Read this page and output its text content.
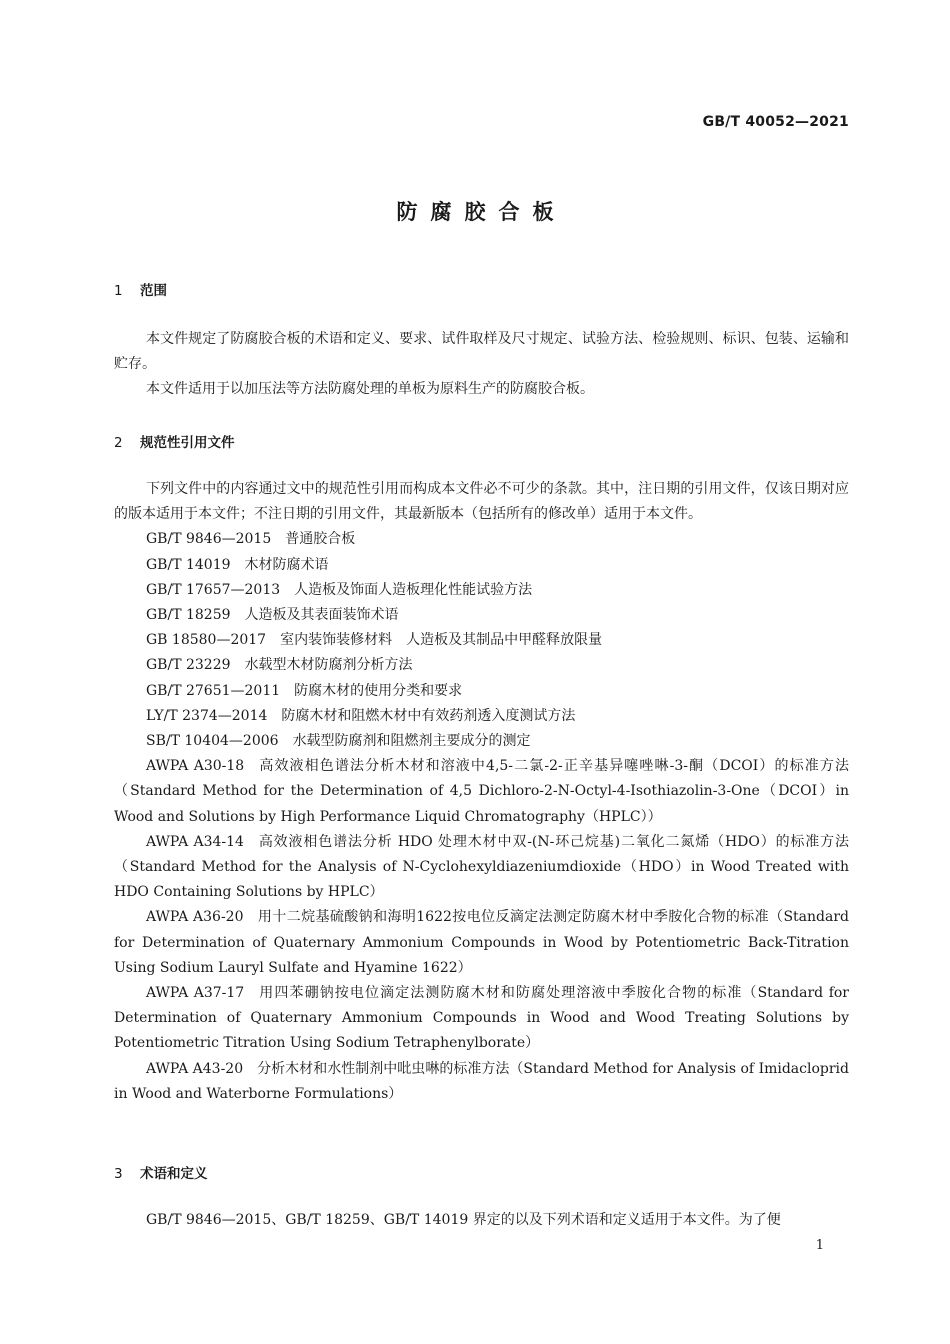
GB/T 40052—2021
防腐胶合板
1 范围

本文件规定了防腐胶合板的术语和定义、要求、试件取样及尺寸规定、试验方法、检验规则、标识、包装、运输和贮存。

本文件适用于以加压法等方法防腐处理的单板为原料生产的防腐胶合板。

2 规范性引用文件

下列文件中的内容通过文中的规范性引用而构成本文件必不可少的条款。其中，注日期的引用文件，仅该日期对应的版本适用于本文件；不注日期的引用文件，其最新版本（包括所有的修改单）适用于本文件。

GB/T 9846—2015 普通胶合板

GB/T 14019 木材防腐术语

GB/T 17657—2013 人造板及饰面人造板理化性能试验方法

GB/T 18259 人造板及其表面装饰术语

GB 18580—2017 室内装饰装修材料　人造板及其制品中甲醛释放限量

GB/T 23229 水载型木材防腐剂分析方法

GB/T 27651—2011 防腐木材的使用分类和要求

LY/T 2374—2014 防腐木材和阻燃木材中有效药剂透入度测试方法

SB/T 10404—2006 水载型防腐剂和阻燃剂主要成分的测定

AWPA A30-18 高效液相色谱法分析木材和溶液中4,5-二氯-2-正辛基异噻唑啉-3-酮（DCOI）的标准方法（Standard Method for the Determination of 4,5 Dichloro-2-N-Octyl-4-Isothiazolin-3-One（DCOI）in Wood and Solutions by High Performance Liquid Chromatography（HPLC））

AWPA A34-14 高效液相色谱法分析 HDO 处理木材中双-(N-环己烷基)二氧化二氮烯（HDO）的标准方法（Standard Method for the Analysis of N-Cyclohexyldiazeniumdioxide（HDO）in Wood Treated with HDO Containing Solutions by HPLC）

AWPA A36-20 用十二烷基硫酸钠和海明1622按电位反滴定法测定防腐木材中季胺化合物的标准（Standard for Determination of Quaternary Ammonium Compounds in Wood by Potentiometric Back-Titration Using Sodium Lauryl Sulfate and Hyamine 1622）

AWPA A37-17 用四苯硼钠按电位滴定法测防腐木材和防腐处理溶液中季胺化合物的标准（Standard for Determination of Quaternary Ammonium Compounds in Wood and Wood Treating Solutions by Potentiometric Titration Using Sodium Tetraphenylborate）

AWPA A43-20 分析木材和水性制剂中吡虫啉的标准方法（Standard Method for Analysis of Imidacloprid in Wood and Waterborne Formulations）

3 术语和定义

GB/T 9846—2015、GB/T 18259、GB/T 14019 界定的以及下列术语和定义适用于本文件。为了便

1
